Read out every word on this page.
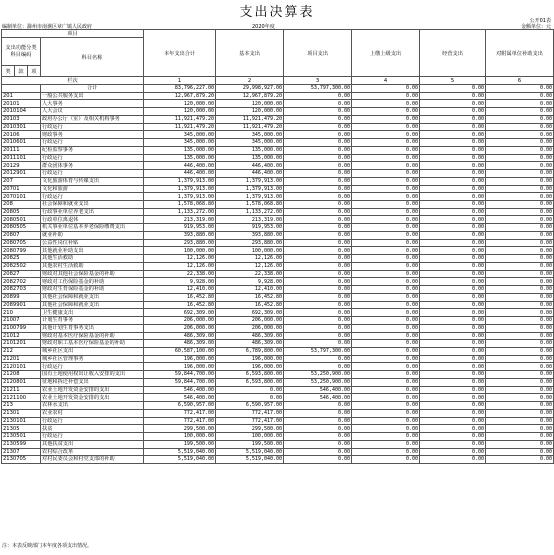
支出决算表
公开01表
编制单位：滁州市南谯区章广镇人民政府	2020年度	金额单位：元
项目				本年支出合计	基本支出	项目支出	上缴上级支出	经营支出	对附属单位补助支出
支出功能分类科目编码			科目名称						
类	款	项							
栏次				1	2	3	4	5	6
			合计	83,796,227.00	29,998,927.00	53,797,300.00	0.00	0.00	0.00
201			一般公共服务支出	12,967,879.20	12,967,879.20	0.00	0.00	0.00	0.00
20101			人大事务	120,000.00	120,000.00	0.00	0.00	0.00	0.00
2010104			人大会议	120,000.00	120,000.00	0.00	0.00	0.00	0.00
20103			政府办公厅（室）及相关机构事务	11,921,479.20	11,921,479.20	0.00	0.00	0.00	0.00
2010301			行政运行	11,921,479.20	11,921,479.20	0.00	0.00	0.00	0.00
20106			财政事务	345,000.00	345,000.00	0.00	0.00	0.00	0.00
2010601			行政运行	345,000.00	345,000.00	0.00	0.00	0.00	0.00
20111			纪检监察事务	135,000.00	135,000.00	0.00	0.00	0.00	0.00
2011101			行政运行	135,000.00	135,000.00	0.00	0.00	0.00	0.00
20129			群众团体事务	446,400.00	446,400.00	0.00	0.00	0.00	0.00
2012901			行政运行	446,400.00	446,400.00	0.00	0.00	0.00	0.00
207			文化旅游体育与传媒支出	1,379,913.00	1,379,913.00	0.00	0.00	0.00	0.00
20701			文化和旅游	1,379,913.00	1,379,913.00	0.00	0.00	0.00	0.00
2070101			行政运行	1,379,913.00	1,379,913.00	0.00	0.00	0.00	0.00
208			社会保障和就业支出	1,578,068.80	1,578,068.80	0.00	0.00	0.00	0.00
20805			行政事业单位养老支出	1,133,272.00	1,133,272.00	0.00	0.00	0.00	0.00
2080501			行政单位离退休	213,319.00	213,319.00	0.00	0.00	0.00	0.00
2080505			机关事业单位基本养老保险缴费支出	919,953.00	919,953.00	0.00	0.00	0.00	0.00
20807			就业补助	393,880.00	393,880.00	0.00	0.00	0.00	0.00
2080705			公益性岗位补贴	293,880.00	293,880.00	0.00	0.00	0.00	0.00
2080799			其他就业补助支出	100,000.00	100,000.00	0.00	0.00	0.00	0.00
20825			其他生活救助	12,126.00	12,126.00	0.00	0.00	0.00	0.00
2082502			其他农村生活救助	12,126.00	12,126.00	0.00	0.00	0.00	0.00
20827			财政对其他社会保险基金的补助	22,338.00	22,338.00	0.00	0.00	0.00	0.00
2082702			财政对工伤保险基金的补助	9,928.00	9,928.00	0.00	0.00	0.00	0.00
2082703			财政对生育保险基金的补助	12,410.00	12,410.00	0.00	0.00	0.00	0.00
20899			其他社会保障和就业支出	16,452.80	16,452.80	0.00	0.00	0.00	0.00
2089901			其他社会保障和就业支出	16,452.80	16,452.80	0.00	0.00	0.00	0.00
210			卫生健康支出	692,309.00	692,309.00	0.00	0.00	0.00	0.00
21007			计划生育事务	206,000.00	206,000.00	0.00	0.00	0.00	0.00
2100799			其他计划生育事务支出	206,000.00	206,000.00	0.00	0.00	0.00	0.00
21012			财政对基本医疗保险基金的补助	486,309.00	486,309.00	0.00	0.00	0.00	0.00
2101201			财政对职工基本医疗保险基金的补助	486,309.00	486,309.00	0.00	0.00	0.00	0.00
212			城乡社区支出	60,587,100.00	6,789,800.00	53,797,300.00	0.00	0.00	0.00
21201			城乡社区管理事务	196,000.00	196,000.00	0.00	0.00	0.00	0.00
2120101			行政运行	196,000.00	196,000.00	0.00	0.00	0.00	0.00
21208			国有土地使用权出让收入安排的支出	59,844,700.00	6,593,800.00	53,250,900.00	0.00	0.00	0.00
2120801			征地和拆迁补偿支出	59,844,700.00	6,593,800.00	53,250,900.00	0.00	0.00	0.00
21211			农业土地开发资金安排的支出	546,400.00	0.00	546,400.00	0.00	0.00	0.00
2121100			农业土地开发资金安排的支出	546,400.00	0.00	546,400.00	0.00	0.00	0.00
213			农林水支出	6,590,957.00	6,590,957.00	0.00	0.00	0.00	0.00
21301			农业农村	772,417.00	772,417.00	0.00	0.00	0.00	0.00
2130101			行政运行	772,417.00	772,417.00	0.00	0.00	0.00	0.00
21305			扶贫	299,500.00	299,500.00	0.00	0.00	0.00	0.00
2130501			行政运行	100,000.00	100,000.00	0.00	0.00	0.00	0.00
2130599			其他扶贫支出	199,500.00	199,500.00	0.00	0.00	0.00	0.00
21307			农村综合改革	5,519,040.00	5,519,040.00	0.00	0.00	0.00	0.00
2130705			对村民委员会和村党支部的补助	5,519,040.00	5,519,040.00	0.00	0.00	0.00	0.00
注：本表反映部门本年度各项支出情况。
